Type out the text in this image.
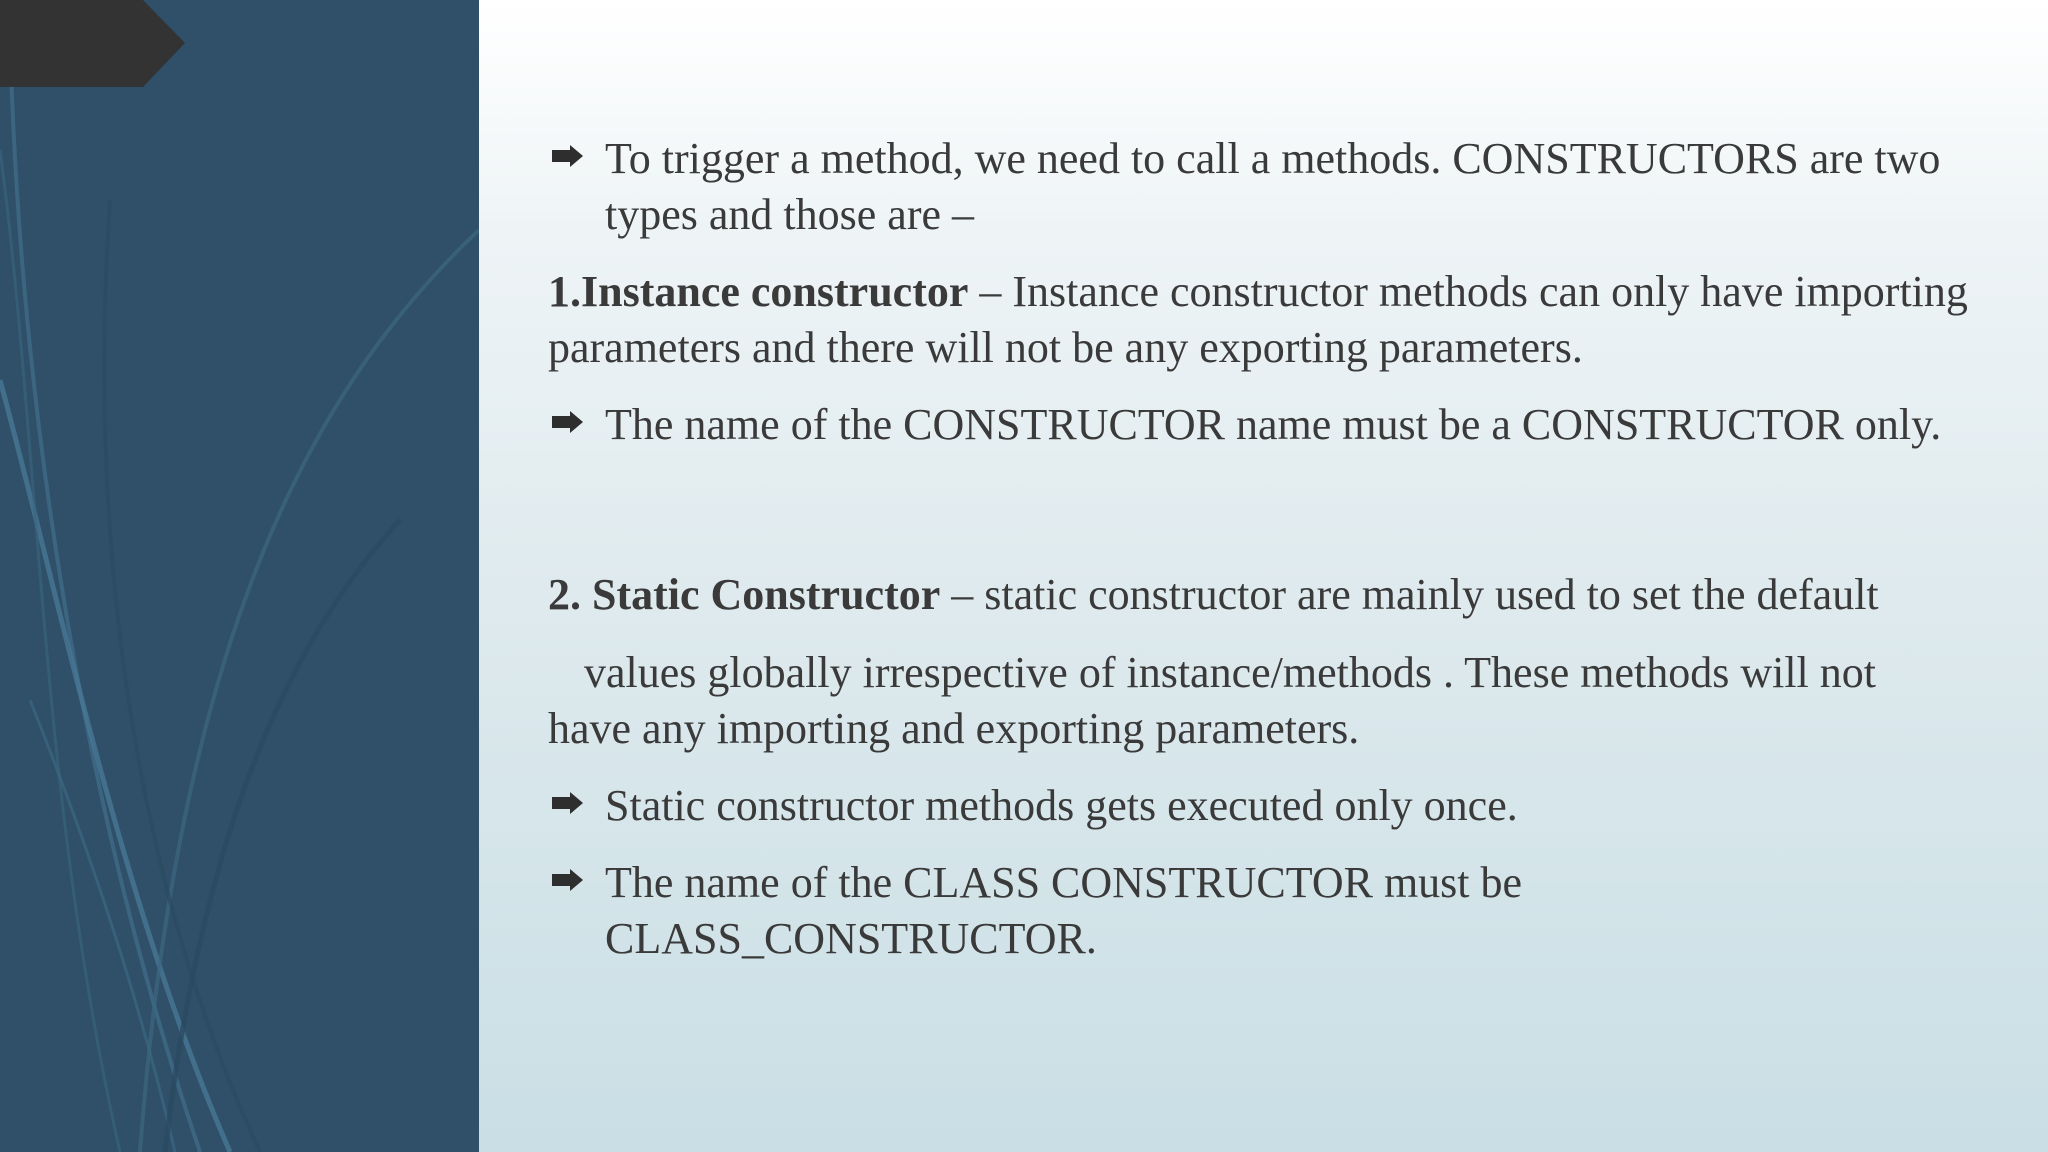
To trigger a method, we need to call a methods. CONSTRUCTORS are two types and those are –
1.Instance constructor – Instance constructor methods can only have importing parameters and there will not be any exporting parameters.
The name of the CONSTRUCTOR name must be a CONSTRUCTOR only.
2. Static Constructor – static constructor are mainly used to set the default
values globally irrespective of instance/methods . These methods will not
have any importing and exporting parameters.
Static constructor methods gets executed only once.
The name of the CLASS CONSTRUCTOR must be CLASS_CONSTRUCTOR.
